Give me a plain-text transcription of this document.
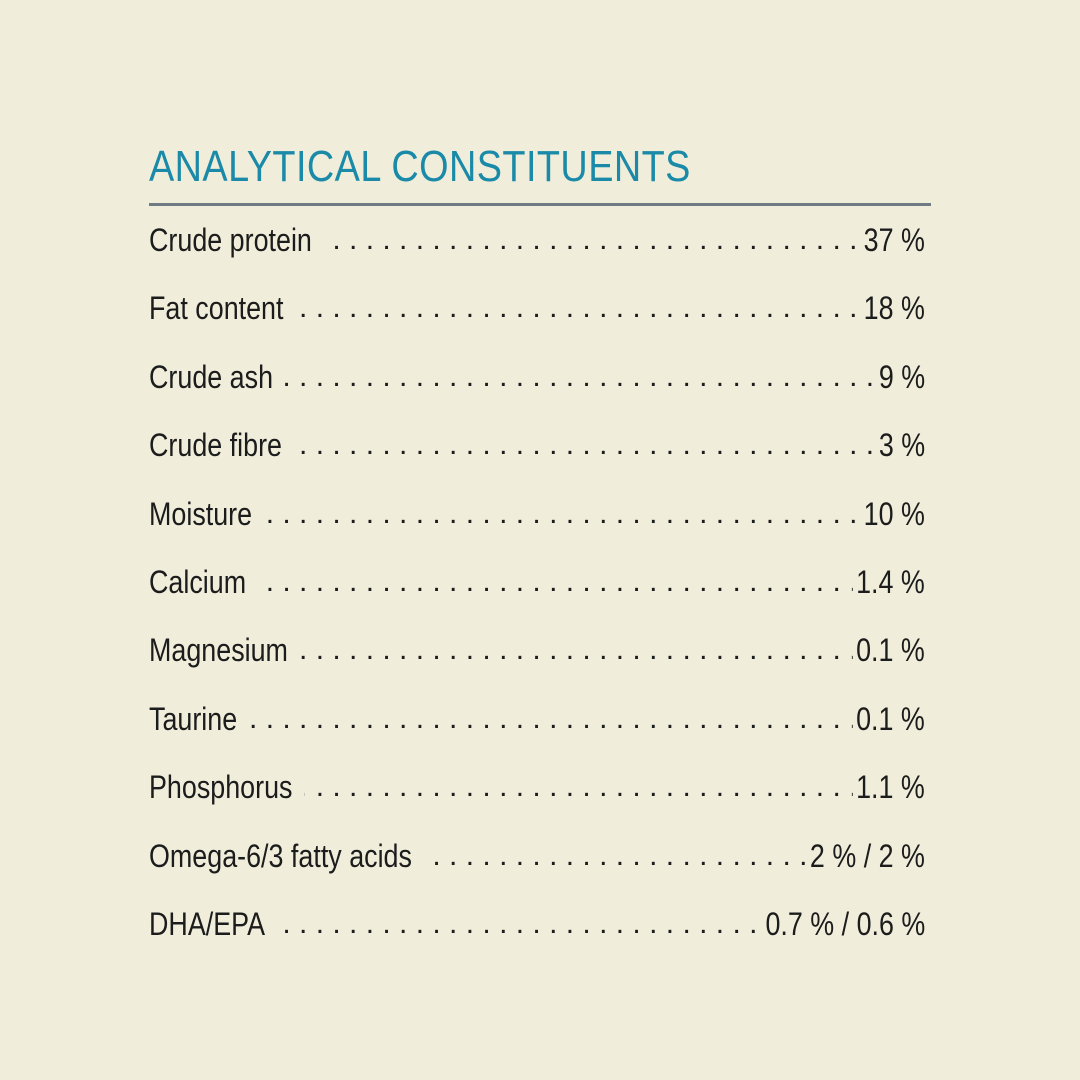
ANALYTICAL CONSTITUENTS
. . .
Crude protein	37 %
. . .
Fat content	18 %
. . .
Crude ash	9 %
. . .
Crude fibre	3 %
. . .
Moisture	10 %
. . .
Calcium	1.4 %
. . .
Magnesium	0.1 %
. . .
Taurine	0.1 %
. . .
Phosphorus	1.1 %
. . .
Omega-6/3 fatty acids	2 % / 2 %
. . .
DHA/EPA	0.7 % / 0.6 %
